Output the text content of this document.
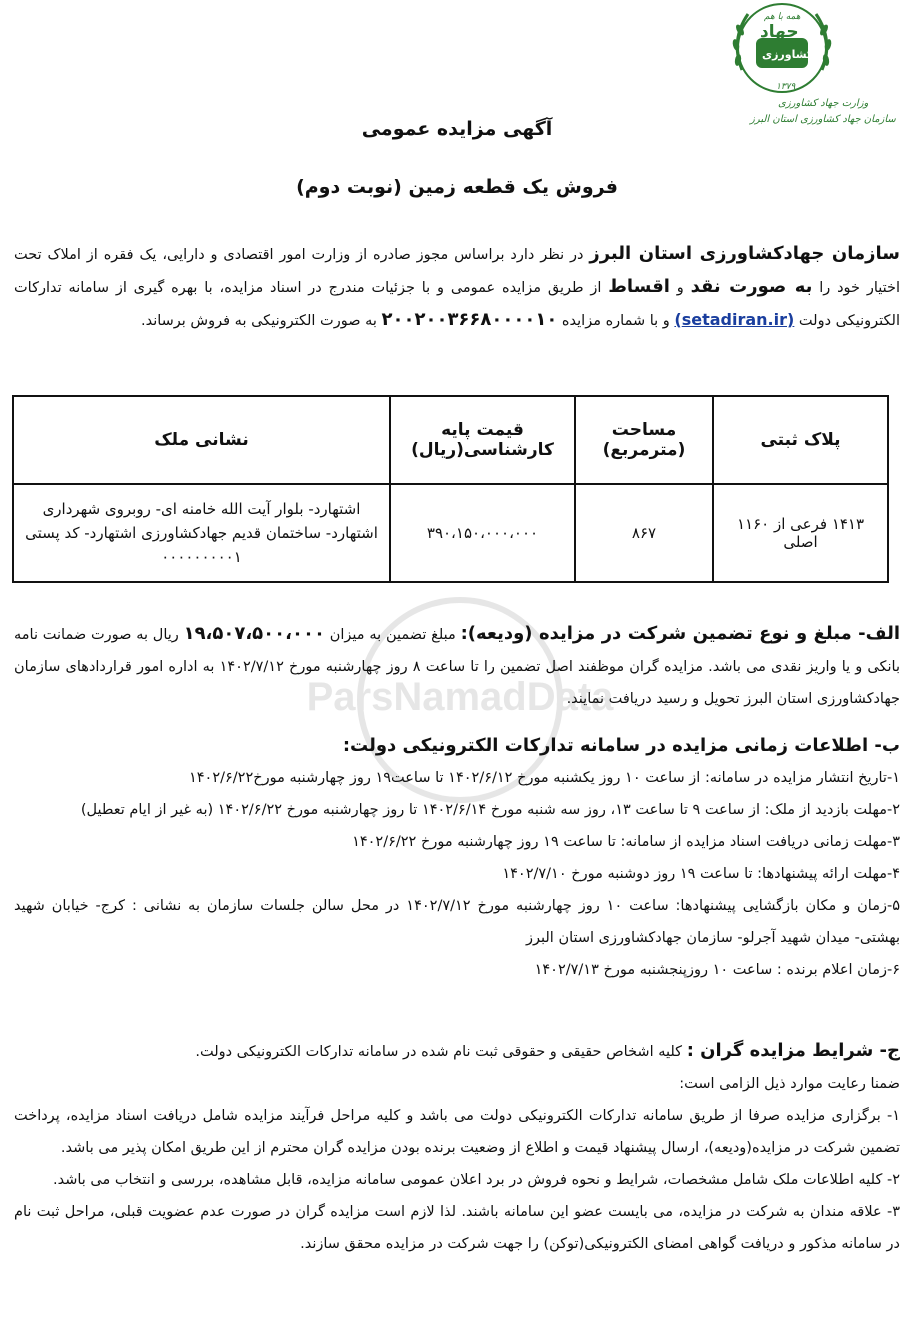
همه با هم
جهاد
کشاورزی
۱۳۷۹
وزارت جهاد کشاورزی
سازمان جهاد کشاورزی استان البرز
آگهی مزایده عمومی
فروش یک قطعه زمین (نوبت دوم)
سازمان جهادکشاورزی استان البرز در نظر دارد براساس مجوز صادره از وزارت امور اقتصادی و دارایی، یک فقره از املاک تحت اختیار خود را به صورت نقد و اقساط از طریق مزایده عمومی و با جزئیات مندرج در اسناد مزایده، با بهره گیری از سامانه تدارکات الکترونیکی دولت (setadiran.ir) و با شماره مزایده ۲۰۰۲۰۰۳۶۶۸۰۰۰۰۱۰ به صورت الکترونیکی به فروش برساند.
پلاک ثبتی	مساحت (مترمربع)	قیمت پایه کارشناسی(ریال)	نشانی ملک
۱۴۱۳ فرعی از ۱۱۶۰ اصلی	۸۶۷	۳۹۰،۱۵۰،۰۰۰،۰۰۰	اشتهارد- بلوار آیت الله خامنه ای- روبروی شهرداری اشتهارد- ساختمان قدیم جهادکشاورزی اشتهارد- کد پستی ۰۰۰۰۰۰۰۰۰۱
ParsNamadData
الف- مبلغ و نوع تضمین شرکت در مزایده (ودیعه): مبلغ تضمین به میزان ۱۹،۵۰۷،۵۰۰،۰۰۰ ریال به صورت ضمانت نامه بانکی و یا واریز نقدی می باشد. مزایده گران موظفند اصل تضمین را تا ساعت ۸ روز چهارشنبه مورخ ۱۴۰۲/۷/۱۲ به اداره امور قراردادهای سازمان جهادکشاورزی استان البرز تحویل و رسید دریافت نمایند.
ب- اطلاعات زمانی مزایده در سامانه تدارکات الکترونیکی دولت:
۱-تاریخ انتشار مزایده در سامانه: از ساعت ۱۰ روز یکشنبه مورخ ۱۴۰۲/۶/۱۲ تا ساعت۱۹ روز چهارشنبه مورخ۱۴۰۲/۶/۲۲
۲-مهلت بازدید از ملک: از ساعت ۹ تا ساعت ۱۳، روز سه شنبه مورخ ۱۴۰۲/۶/۱۴ تا روز چهارشنبه مورخ ۱۴۰۲/۶/۲۲ (به غیر از ایام تعطیل)
۳-مهلت زمانی دریافت اسناد مزایده از سامانه: تا ساعت ۱۹ روز چهارشنبه مورخ ۱۴۰۲/۶/۲۲
۴-مهلت ارائه پیشنهادها: تا ساعت ۱۹ روز دوشنبه مورخ ۱۴۰۲/۷/۱۰
۵-زمان و مکان بازگشایی پیشنهادها: ساعت ۱۰ روز چهارشنبه مورخ ۱۴۰۲/۷/۱۲ در محل سالن جلسات سازمان به نشانی : کرج- خیابان شهید بهشتی- میدان شهید آجرلو- سازمان جهادکشاورزی استان البرز
۶-زمان اعلام برنده : ساعت ۱۰ روزپنجشنبه مورخ ۱۴۰۲/۷/۱۳
ج- شرایط مزایده گران : کلیه اشخاص حقیقی و حقوقی ثبت نام شده در سامانه تدارکات الکترونیکی دولت.
ضمنا رعایت موارد ذیل الزامی است:
۱- برگزاری مزایده صرفا از طریق سامانه تدارکات الکترونیکی دولت می باشد و کلیه مراحل فرآیند مزایده شامل دریافت اسناد مزایده، پرداخت تضمین شرکت در مزایده(ودیعه)، ارسال پیشنهاد قیمت و اطلاع از وضعیت برنده بودن مزایده گران محترم از این طریق امکان پذیر می باشد.
۲- کلیه اطلاعات ملک شامل مشخصات، شرایط و نحوه فروش در برد اعلان عمومی سامانه مزایده، قابل مشاهده، بررسی و انتخاب می باشد.
۳- علاقه مندان به شرکت در مزایده، می بایست عضو این سامانه باشند. لذا لازم است مزایده گران در صورت عدم عضویت قبلی، مراحل ثبت نام در سامانه مذکور و دریافت گواهی امضای الکترونیکی(توکن) را جهت شرکت در مزایده محقق سازند.
